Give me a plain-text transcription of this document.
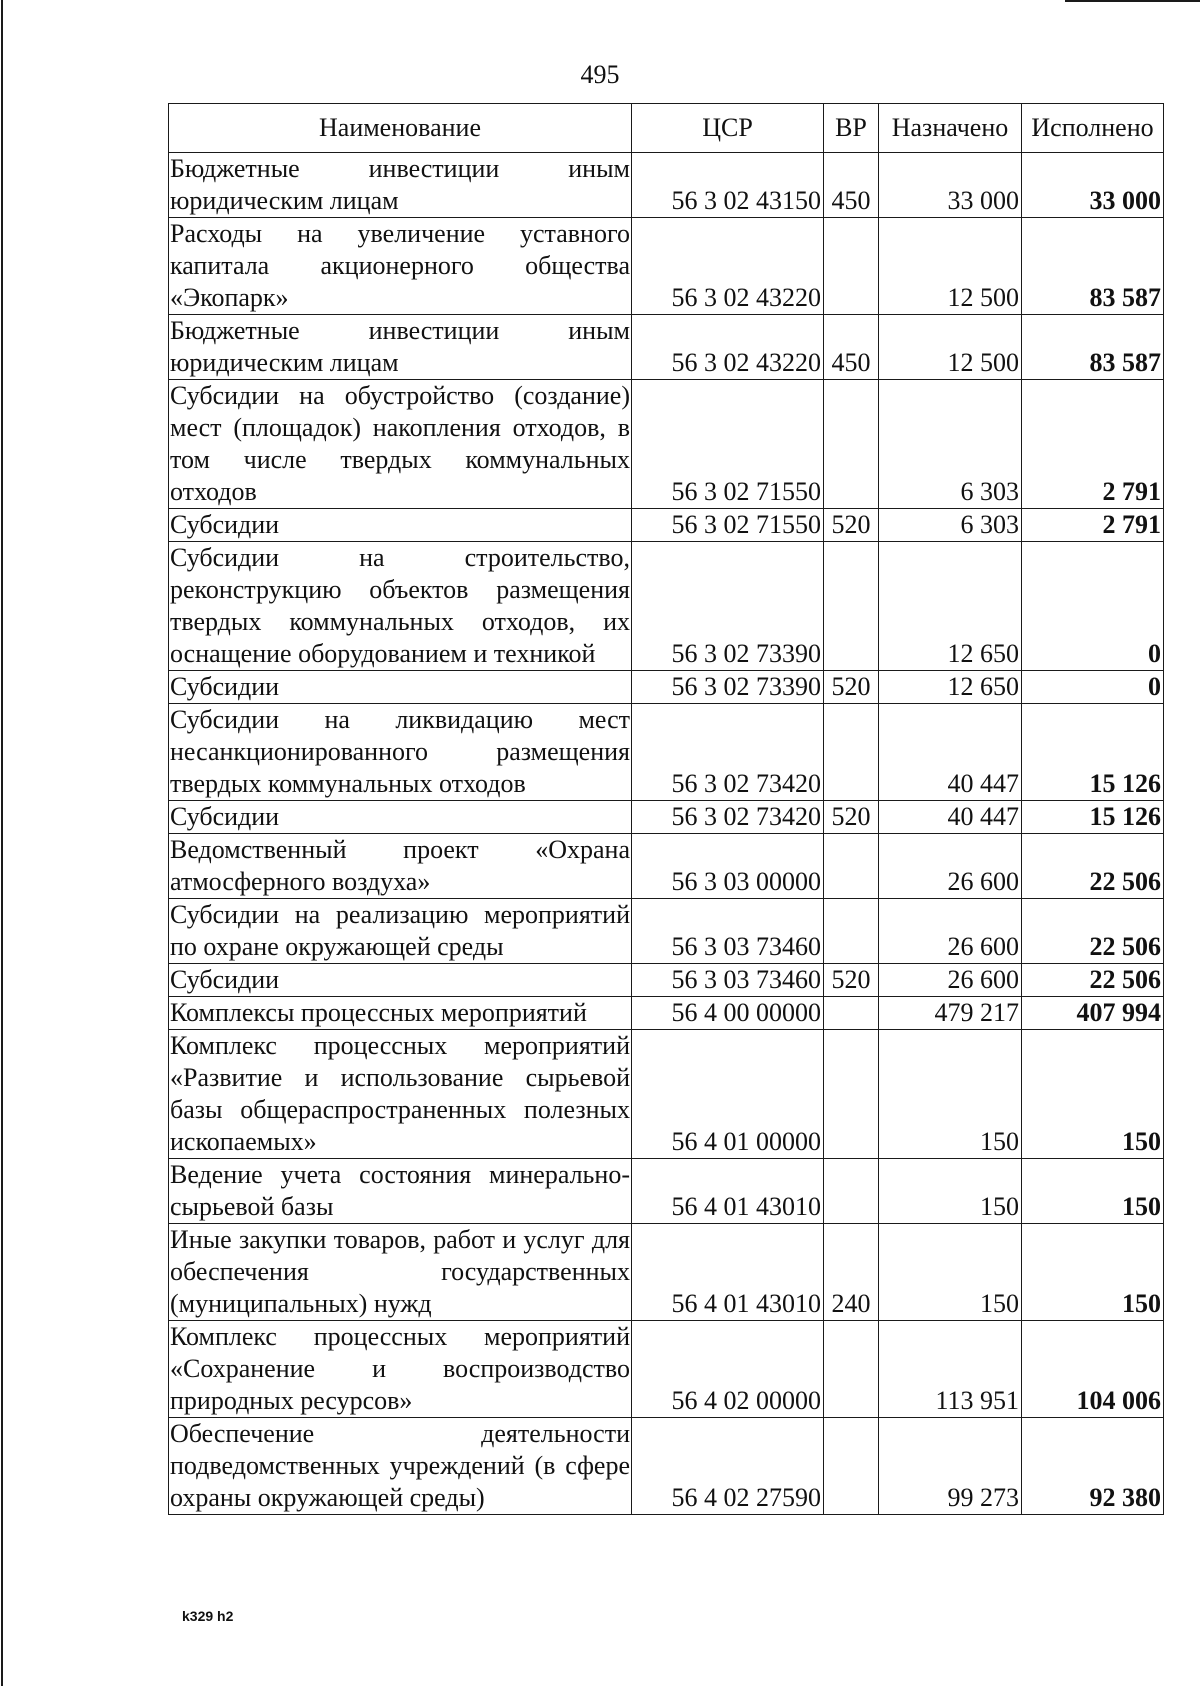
495
Наименование	ЦСР	ВР	Назначено	Исполнено
Бюджетные инвестиции иным юридическим лицам	56 3 02 43150	450	33 000	33 000
Расходы на увеличение уставного капитала акционерного общества «Экопарк»	56 3 02 43220		12 500	83 587
Бюджетные инвестиции иным юридическим лицам	56 3 02 43220	450	12 500	83 587
Субсидии на обустройство (создание) мест (площадок) накопления отходов, в том числе твердых коммунальных отходов	56 3 02 71550		6 303	2 791
Субсидии	56 3 02 71550	520	6 303	2 791
Субсидии на строительство, реконструкцию объектов размещения твердых коммунальных отходов, их оснащение оборудованием и техникой	56 3 02 73390		12 650	0
Субсидии	56 3 02 73390	520	12 650	0
Субсидии на ликвидацию мест несанкционированного размещения твердых коммунальных отходов	56 3 02 73420		40 447	15 126
Субсидии	56 3 02 73420	520	40 447	15 126
Ведомственный проект «Охрана атмосферного воздуха»	56 3 03 00000		26 600	22 506
Субсидии на реализацию мероприятий по охране окружающей среды	56 3 03 73460		26 600	22 506
Субсидии	56 3 03 73460	520	26 600	22 506
Комплексы процессных мероприятий	56 4 00 00000		479 217	407 994
Комплекс процессных мероприятий «Развитие и использование сырьевой базы общераспространенных полезных ископаемых»	56 4 01 00000		150	150
Ведение учета состояния минерально-сырьевой базы	56 4 01 43010		150	150
Иные закупки товаров, работ и услуг для обеспечения государственных (муниципальных) нужд	56 4 01 43010	240	150	150
Комплекс процессных мероприятий «Сохранение и воспроизводство природных ресурсов»	56 4 02 00000		113 951	104 006
Обеспечение деятельности подведомственных учреждений (в сфере охраны окружающей среды)	56 4 02 27590		99 273	92 380
k329 h2
